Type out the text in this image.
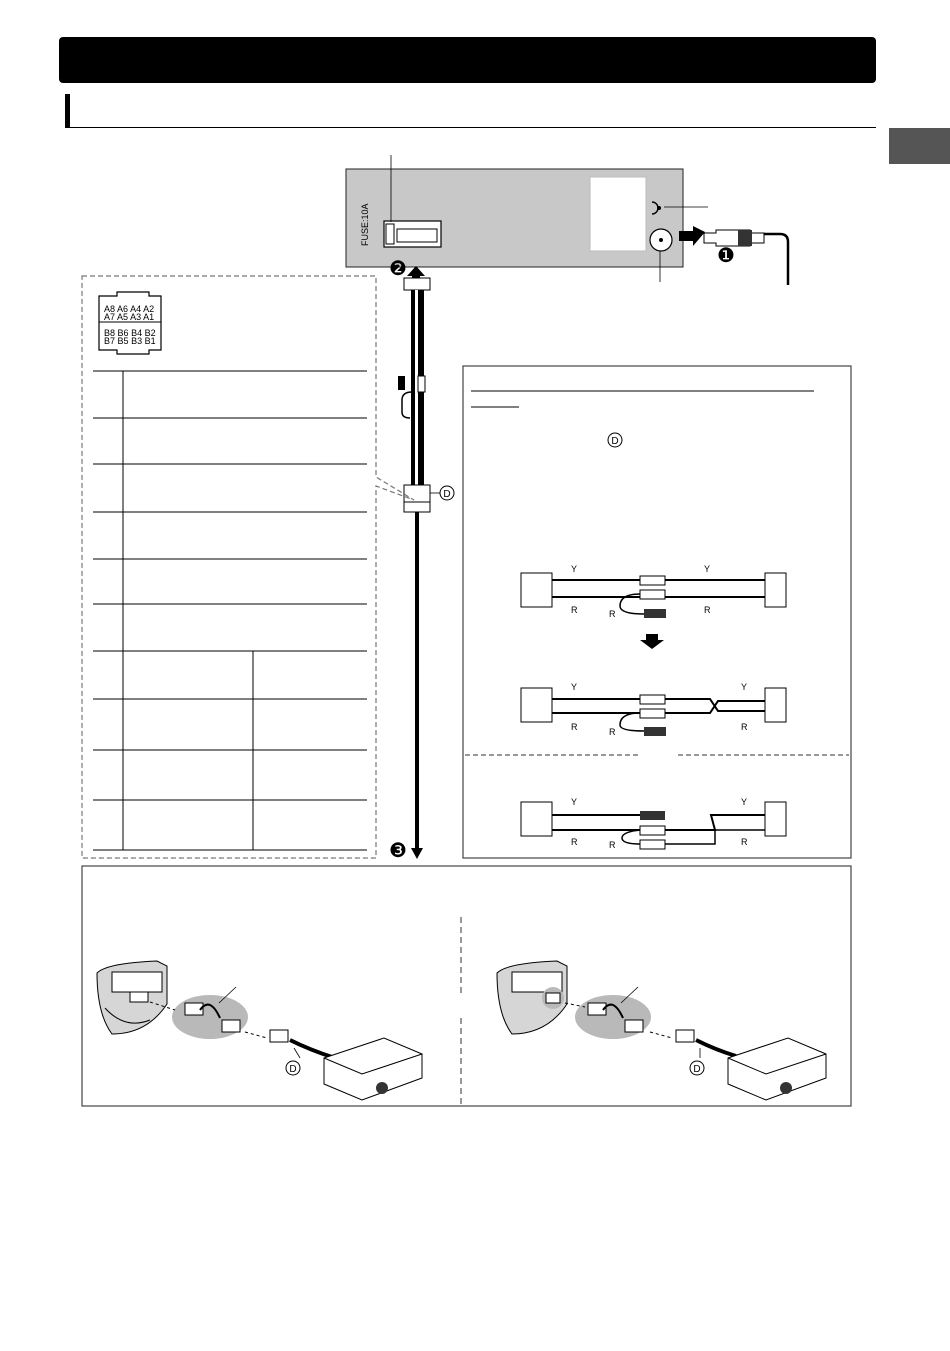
FUSE:10A
❶
❷
❸
D
A8 A6 A4 A2
A7 A5 A3 A1
B8 B6 B4 B2
B7 B5 B3 B1
D
Y	Y
R	R	R
Y	Y
R	R	R
Y	Y
R	R	R
D	D
